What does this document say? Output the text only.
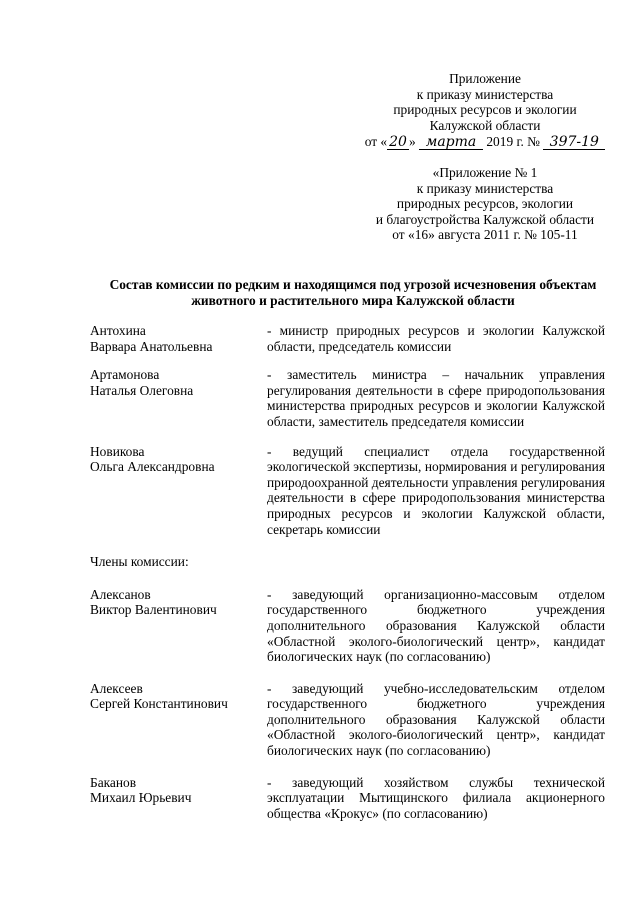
Приложение
к приказу министерства
природных ресурсов и экологии
Калужской области
от « 20 » марта 2019 г. № 397-19
«Приложение № 1
к приказу министерства
природных ресурсов, экологии
и благоустройства Калужской области
от «16» августа 2011 г. № 105-11
Состав комиссии по редким и находящимся под угрозой исчезновения объектам
животного и растительного мира Калужской области
Антохина
Варвара Анатольевна
- министр природных ресурсов и экологии Калужской области, председатель комиссии
Артамонова
Наталья Олеговна
- заместитель министра – начальник управления регулирования деятельности в сфере природопользования министерства природных ресурсов и экологии Калужской области, заместитель председателя комиссии
Новикова
Ольга Александровна
- ведущий специалист отдела государственной экологической экспертизы, нормирования и регулирования природоохранной деятельности управления регулирования деятельности в сфере природопользования министерства природных ресурсов и экологии Калужской области, секретарь комиссии
Члены комиссии:
Алексанов
Виктор Валентинович
- заведующий организационно-массовым отделом государственного бюджетного учреждения дополнительного образования Калужской области «Областной эколого-биологический центр», кандидат биологических наук (по согласованию)
Алексеев
Сергей Константинович
- заведующий учебно-исследовательским отделом государственного бюджетного учреждения дополнительного образования Калужской области «Областной эколого-биологический центр», кандидат биологических наук (по согласованию)
Баканов
Михаил Юрьевич
- заведующий хозяйством службы технической эксплуатации Мытищинского филиала акционерного общества «Крокус» (по согласованию)
